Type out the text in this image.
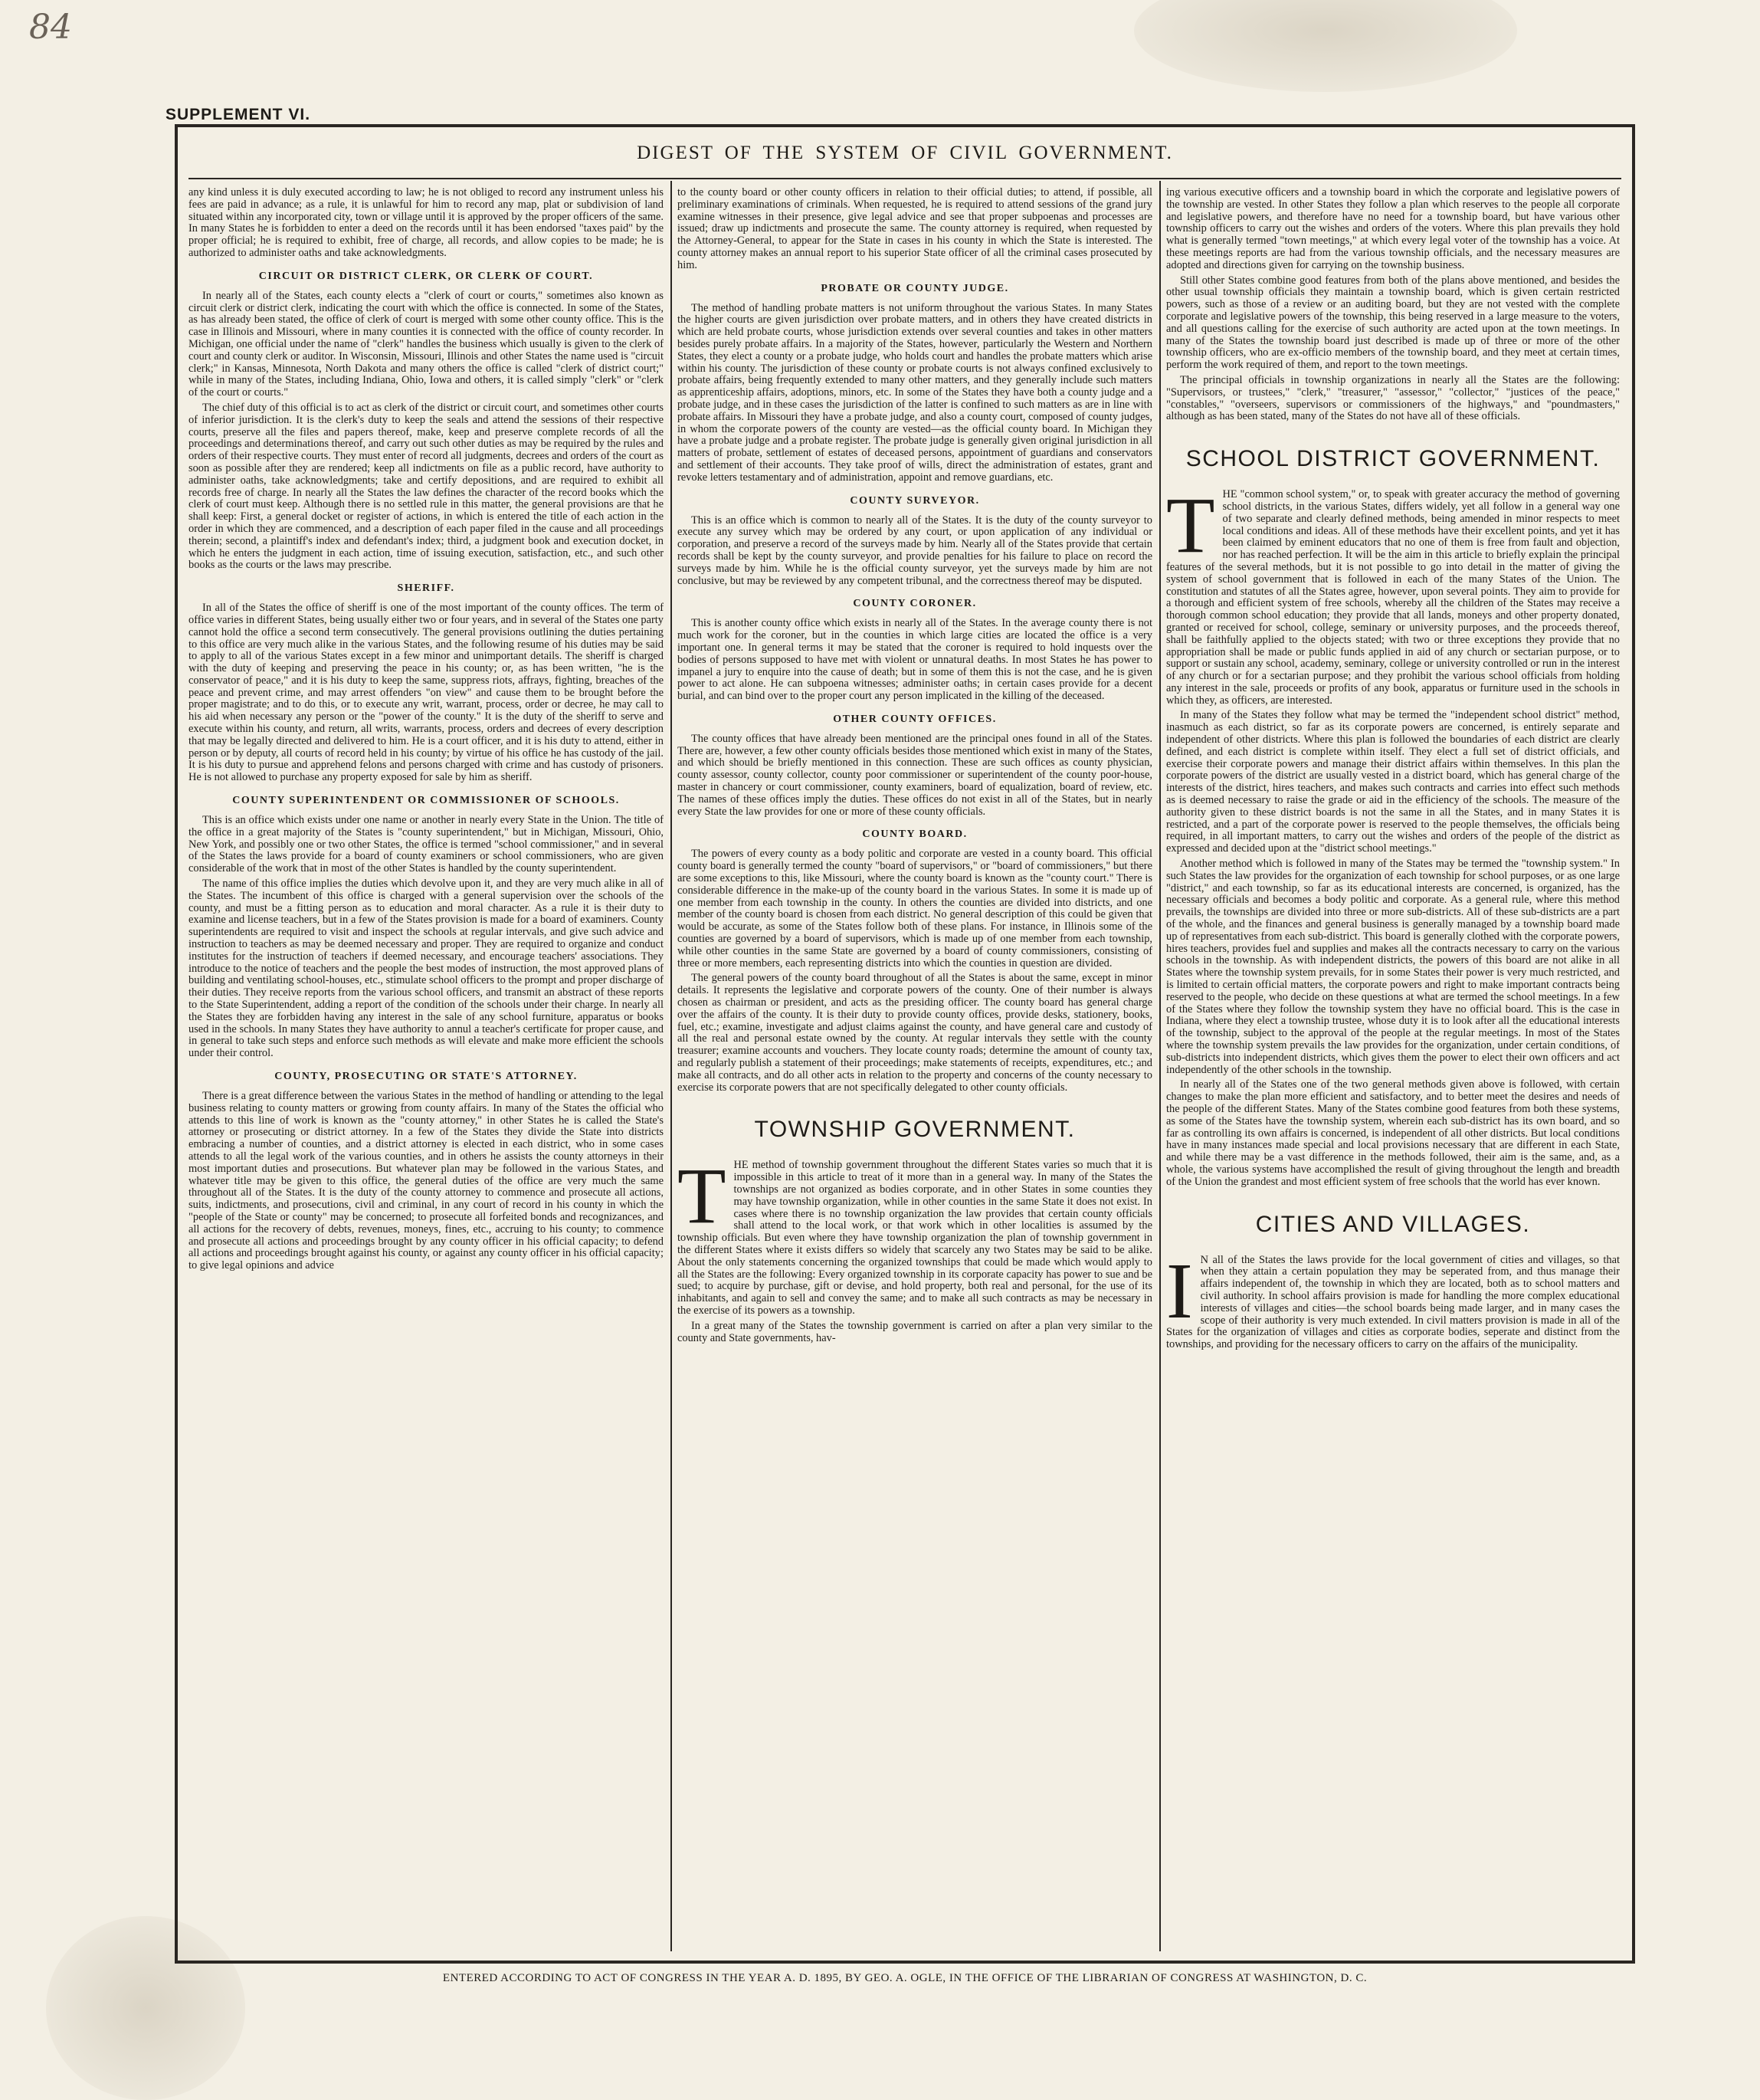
84
SUPPLEMENT VI.
DIGEST OF THE SYSTEM OF CIVIL GOVERNMENT.

any kind unless it is duly executed according to law; he is not obliged to record any instrument unless his fees are paid in advance; as a rule, it is unlawful for him to record any map, plat or subdivision of land situated within any incorporated city, town or village until it is approved by the proper officers of the same. In many States he is forbidden to enter a deed on the records until it has been endorsed "taxes paid" by the proper official; he is required to exhibit, free of charge, all records, and allow copies to be made; he is authorized to administer oaths and take acknowledgments.

CIRCUIT OR DISTRICT CLERK, OR CLERK OF COURT.

In nearly all of the States, each county elects a "clerk of court or courts," sometimes also known as circuit clerk or district clerk, indicating the court with which the office is connected. In some of the States, as has already been stated, the office of clerk of court is merged with some other county office. This is the case in Illinois and Missouri, where in many counties it is connected with the office of county recorder. In Michigan, one official under the name of "clerk" handles the business which usually is given to the clerk of court and county clerk or auditor. In Wisconsin, Missouri, Illinois and other States the name used is "circuit clerk;" in Kansas, Minnesota, North Dakota and many others the office is called "clerk of district court;" while in many of the States, including Indiana, Ohio, Iowa and others, it is called simply "clerk" or "clerk of the court or courts."

The chief duty of this official is to act as clerk of the district or circuit court, and sometimes other courts of inferior jurisdiction. It is the clerk's duty to keep the seals and attend the sessions of their respective courts, preserve all the files and papers thereof, make, keep and preserve complete records of all the proceedings and determinations thereof, and carry out such other duties as may be required by the rules and orders of their respective courts. They must enter of record all judgments, decrees and orders of the court as soon as possible after they are rendered; keep all indictments on file as a public record, have authority to administer oaths, take acknowledgments; take and certify depositions, and are required to exhibit all records free of charge. In nearly all the States the law defines the character of the record books which the clerk of court must keep. Although there is no settled rule in this matter, the general provisions are that he shall keep: First, a general docket or register of actions, in which is entered the title of each action in the order in which they are commenced, and a description of each paper filed in the cause and all proceedings therein; second, a plaintiff's index and defendant's index; third, a judgment book and execution docket, in which he enters the judgment in each action, time of issuing execution, satisfaction, etc., and such other books as the courts or the laws may prescribe.

SHERIFF.

In all of the States the office of sheriff is one of the most important of the county offices. The term of office varies in different States, being usually either two or four years, and in several of the States one party cannot hold the office a second term consecutively. The general provisions outlining the duties pertaining to this office are very much alike in the various States, and the following resume of his duties may be said to apply to all of the various States except in a few minor and unimportant details. The sheriff is charged with the duty of keeping and preserving the peace in his county; or, as has been written, "he is the conservator of peace," and it is his duty to keep the same, suppress riots, affrays, fighting, breaches of the peace and prevent crime, and may arrest offenders "on view" and cause them to be brought before the proper magistrate; and to do this, or to execute any writ, warrant, process, order or decree, he may call to his aid when necessary any person or the "power of the county." It is the duty of the sheriff to serve and execute within his county, and return, all writs, warrants, process, orders and decrees of every description that may be legally directed and delivered to him. He is a court officer, and it is his duty to attend, either in person or by deputy, all courts of record held in his county; by virtue of his office he has custody of the jail. It is his duty to pursue and apprehend felons and persons charged with crime and has custody of prisoners. He is not allowed to purchase any property exposed for sale by him as sheriff.

COUNTY SUPERINTENDENT OR COMMISSIONER OF SCHOOLS.

This is an office which exists under one name or another in nearly every State in the Union. The title of the office in a great majority of the States is "county superintendent," but in Michigan, Missouri, Ohio, New York, and possibly one or two other States, the office is termed "school commissioner," and in several of the States the laws provide for a board of county examiners or school commissioners, who are given considerable of the work that in most of the other States is handled by the county superintendent.

The name of this office implies the duties which devolve upon it, and they are very much alike in all of the States. The incumbent of this office is charged with a general supervision over the schools of the county, and must be a fitting person as to education and moral character. As a rule it is their duty to examine and license teachers, but in a few of the States provision is made for a board of examiners. County superintendents are required to visit and inspect the schools at regular intervals, and give such advice and instruction to teachers as may be deemed necessary and proper. They are required to organize and conduct institutes for the instruction of teachers if deemed necessary, and encourage teachers' associations. They introduce to the notice of teachers and the people the best modes of instruction, the most approved plans of building and ventilating school-houses, etc., stimulate school officers to the prompt and proper discharge of their duties. They receive reports from the various school officers, and transmit an abstract of these reports to the State Superintendent, adding a report of the condition of the schools under their charge. In nearly all the States they are forbidden having any interest in the sale of any school furniture, apparatus or books used in the schools. In many States they have authority to annul a teacher's certificate for proper cause, and in general to take such steps and enforce such methods as will elevate and make more efficient the schools under their control.

COUNTY, PROSECUTING OR STATE'S ATTORNEY.

There is a great difference between the various States in the method of handling or attending to the legal business relating to county matters or growing from county affairs. In many of the States the official who attends to this line of work is known as the "county attorney," in other States he is called the State's attorney or prosecuting or district attorney. In a few of the States they divide the State into districts embracing a number of counties, and a district attorney is elected in each district, who in some cases attends to all the legal work of the various counties, and in others he assists the county attorneys in their most important duties and prosecutions. But whatever plan may be followed in the various States, and whatever title may be given to this office, the general duties of the office are very much the same throughout all of the States. It is the duty of the county attorney to commence and prosecute all actions, suits, indictments, and prosecutions, civil and criminal, in any court of record in his county in which the "people of the State or county" may be concerned; to prosecute all forfeited bonds and recognizances, and all actions for the recovery of debts, revenues, moneys, fines, etc., accruing to his county; to commence and prosecute all actions and proceedings brought by any county officer in his official capacity; to defend all actions and proceedings brought against his county, or against any county officer in his official capacity; to give legal opinions and advice

to the county board or other county officers in relation to their official duties; to attend, if possible, all preliminary examinations of criminals. When requested, he is required to attend sessions of the grand jury examine witnesses in their presence, give legal advice and see that proper subpoenas and processes are issued; draw up indictments and prosecute the same. The county attorney is required, when requested by the Attorney-General, to appear for the State in cases in his county in which the State is interested. The county attorney makes an annual report to his superior State officer of all the criminal cases prosecuted by him.

PROBATE OR COUNTY JUDGE.

The method of handling probate matters is not uniform throughout the various States. In many States the higher courts are given jurisdiction over probate matters, and in others they have created districts in which are held probate courts, whose jurisdiction extends over several counties and takes in other matters besides purely probate affairs. In a majority of the States, however, particularly the Western and Northern States, they elect a county or a probate judge, who holds court and handles the probate matters which arise within his county. The jurisdiction of these county or probate courts is not always confined exclusively to probate affairs, being frequently extended to many other matters, and they generally include such matters as apprenticeship affairs, adoptions, minors, etc. In some of the States they have both a county judge and a probate judge, and in these cases the jurisdiction of the latter is confined to such matters as are in line with probate affairs. In Missouri they have a probate judge, and also a county court, composed of county judges, in whom the corporate powers of the county are vested—as the official county board. In Michigan they have a probate judge and a probate register. The probate judge is generally given original jurisdiction in all matters of probate, settlement of estates of deceased persons, appointment of guardians and conservators and settlement of their accounts. They take proof of wills, direct the administration of estates, grant and revoke letters testamentary and of administration, appoint and remove guardians, etc.

COUNTY SURVEYOR.

This is an office which is common to nearly all of the States. It is the duty of the county surveyor to execute any survey which may be ordered by any court, or upon application of any individual or corporation, and preserve a record of the surveys made by him. Nearly all of the States provide that certain records shall be kept by the county surveyor, and provide penalties for his failure to place on record the surveys made by him. While he is the official county surveyor, yet the surveys made by him are not conclusive, but may be reviewed by any competent tribunal, and the correctness thereof may be disputed.

COUNTY CORONER.

This is another county office which exists in nearly all of the States. In the average county there is not much work for the coroner, but in the counties in which large cities are located the office is a very important one. In general terms it may be stated that the coroner is required to hold inquests over the bodies of persons supposed to have met with violent or unnatural deaths. In most States he has power to impanel a jury to enquire into the cause of death; but in some of them this is not the case, and he is given power to act alone. He can subpoena witnesses; administer oaths; in certain cases provide for a decent burial, and can bind over to the proper court any person implicated in the killing of the deceased.

OTHER COUNTY OFFICES.

The county offices that have already been mentioned are the principal ones found in all of the States. There are, however, a few other county officials besides those mentioned which exist in many of the States, and which should be briefly mentioned in this connection. These are such offices as county physician, county assessor, county collector, county poor commissioner or superintendent of the county poor-house, master in chancery or court commissioner, county examiners, board of equalization, board of review, etc. The names of these offices imply the duties. These offices do not exist in all of the States, but in nearly every State the law provides for one or more of these county officials.

COUNTY BOARD.

The powers of every county as a body politic and corporate are vested in a county board. This official county board is generally termed the county "board of supervisors," or "board of commissioners," but there are some exceptions to this, like Missouri, where the county board is known as the "county court." There is considerable difference in the make-up of the county board in the various States. In some it is made up of one member from each township in the county. In others the counties are divided into districts, and one member of the county board is chosen from each district. No general description of this could be given that would be accurate, as some of the States follow both of these plans. For instance, in Illinois some of the counties are governed by a board of supervisors, which is made up of one member from each township, while other counties in the same State are governed by a board of county commissioners, consisting of three or more members, each representing districts into which the counties in question are divided.

The general powers of the county board throughout of all the States is about the same, except in minor details. It represents the legislative and corporate powers of the county. One of their number is always chosen as chairman or president, and acts as the presiding officer. The county board has general charge over the affairs of the county. It is their duty to provide county offices, provide desks, stationery, books, fuel, etc.; examine, investigate and adjust claims against the county, and have general care and custody of all the real and personal estate owned by the county. At regular intervals they settle with the county treasurer; examine accounts and vouchers. They locate county roads; determine the amount of county tax, and regularly publish a statement of their proceedings; make statements of receipts, expenditures, etc.; and make all contracts, and do all other acts in relation to the property and concerns of the county necessary to exercise its corporate powers that are not specifically delegated to other county officials.

TOWNSHIP GOVERNMENT.

THE method of township government throughout the different States varies so much that it is impossible in this article to treat of it more than in a general way. In many of the States the townships are not organized as bodies corporate, and in other States in some counties they may have township organization, while in other counties in the same State it does not exist. In cases where there is no township organization the law provides that certain county officials shall attend to the local work, or that work which in other localities is assumed by the township officials. But even where they have township organization the plan of township government in the different States where it exists differs so widely that scarcely any two States may be said to be alike. About the only statements concerning the organized townships that could be made which would apply to all the States are the following: Every organized township in its corporate capacity has power to sue and be sued; to acquire by purchase, gift or devise, and hold property, both real and personal, for the use of its inhabitants, and again to sell and convey the same; and to make all such contracts as may be necessary in the exercise of its powers as a township.

In a great many of the States the township government is carried on after a plan very similar to the county and State governments, hav-

ing various executive officers and a township board in which the corporate and legislative powers of the township are vested. In other States they follow a plan which reserves to the people all corporate and legislative powers, and therefore have no need for a township board, but have various other township officers to carry out the wishes and orders of the voters. Where this plan prevails they hold what is generally termed "town meetings," at which every legal voter of the township has a voice. At these meetings reports are had from the various township officials, and the necessary measures are adopted and directions given for carrying on the township business.

Still other States combine good features from both of the plans above mentioned, and besides the other usual township officials they maintain a township board, which is given certain restricted powers, such as those of a review or an auditing board, but they are not vested with the complete corporate and legislative powers of the township, this being reserved in a large measure to the voters, and all questions calling for the exercise of such authority are acted upon at the town meetings. In many of the States the township board just described is made up of three or more of the other township officers, who are ex-officio members of the township board, and they meet at certain times, perform the work required of them, and report to the town meetings.

The principal officials in township organizations in nearly all the States are the following: "Supervisors, or trustees," "clerk," "treasurer," "assessor," "collector," "justices of the peace," "constables," "overseers, supervisors or commissioners of the highways," and "poundmasters," although as has been stated, many of the States do not have all of these officials.

SCHOOL DISTRICT GOVERNMENT.

THE "common school system," or, to speak with greater accuracy the method of governing school districts, in the various States, differs widely, yet all follow in a general way one of two separate and clearly defined methods, being amended in minor respects to meet local conditions and ideas. All of these methods have their excellent points, and yet it has been claimed by eminent educators that no one of them is free from fault and objection, nor has reached perfection. It will be the aim in this article to briefly explain the principal features of the several methods, but it is not possible to go into detail in the matter of giving the system of school government that is followed in each of the many States of the Union. The constitution and statutes of all the States agree, however, upon several points. They aim to provide for a thorough and efficient system of free schools, whereby all the children of the States may receive a thorough common school education; they provide that all lands, moneys and other property donated, granted or received for school, college, seminary or university purposes, and the proceeds thereof, shall be faithfully applied to the objects stated; with two or three exceptions they provide that no appropriation shall be made or public funds applied in aid of any church or sectarian purpose, or to support or sustain any school, academy, seminary, college or university controlled or run in the interest of any church or for a sectarian purpose; and they prohibit the various school officials from holding any interest in the sale, proceeds or profits of any book, apparatus or furniture used in the schools in which they, as officers, are interested.

In many of the States they follow what may be termed the "independent school district" method, inasmuch as each district, so far as its corporate powers are concerned, is entirely separate and independent of other districts. Where this plan is followed the boundaries of each district are clearly defined, and each district is complete within itself. They elect a full set of district officials, and exercise their corporate powers and manage their district affairs within themselves. In this plan the corporate powers of the district are usually vested in a district board, which has general charge of the interests of the district, hires teachers, and makes such contracts and carries into effect such methods as is deemed necessary to raise the grade or aid in the efficiency of the schools. The measure of the authority given to these district boards is not the same in all the States, and in many States it is restricted, and a part of the corporate power is reserved to the people themselves, the officials being required, in all important matters, to carry out the wishes and orders of the people of the district as expressed and decided upon at the "district school meetings."

Another method which is followed in many of the States may be termed the "township system." In such States the law provides for the organization of each township for school purposes, or as one large "district," and each township, so far as its educational interests are concerned, is organized, has the necessary officials and becomes a body politic and corporate. As a general rule, where this method prevails, the townships are divided into three or more sub-districts. All of these sub-districts are a part of the whole, and the finances and general business is generally managed by a township board made up of representatives from each sub-district. This board is generally clothed with the corporate powers, hires teachers, provides fuel and supplies and makes all the contracts necessary to carry on the various schools in the township. As with independent districts, the powers of this board are not alike in all States where the township system prevails, for in some States their power is very much restricted, and is limited to certain official matters, the corporate powers and right to make important contracts being reserved to the people, who decide on these questions at what are termed the school meetings. In a few of the States where they follow the township system they have no official board. This is the case in Indiana, where they elect a township trustee, whose duty it is to look after all the educational interests of the township, subject to the approval of the people at the regular meetings. In most of the States where the township system prevails the law provides for the organization, under certain conditions, of sub-districts into independent districts, which gives them the power to elect their own officers and act independently of the other schools in the township.

In nearly all of the States one of the two general methods given above is followed, with certain changes to make the plan more efficient and satisfactory, and to better meet the desires and needs of the people of the different States. Many of the States combine good features from both these systems, as some of the States have the township system, wherein each sub-district has its own board, and so far as controlling its own affairs is concerned, is independent of all other districts. But local conditions have in many instances made special and local provisions necessary that are different in each State, and while there may be a vast difference in the methods followed, their aim is the same, and, as a whole, the various systems have accomplished the result of giving throughout the length and breadth of the Union the grandest and most efficient system of free schools that the world has ever known.

CITIES AND VILLAGES.

I N all of the States the laws provide for the local government of cities and villages, so that when they attain a certain population they may be seperated from, and thus manage their affairs independent of, the township in which they are located, both as to school matters and civil authority. In school affairs provision is made for handling the more complex educational interests of villages and cities—the school boards being made larger, and in many cases the scope of their authority is very much extended. In civil matters provision is made in all of the States for the organization of villages and cities as corporate bodies, seperate and distinct from the townships, and providing for the necessary officers to carry on the affairs of the municipality.

ENTERED ACCORDING TO ACT OF CONGRESS IN THE YEAR A. D. 1895, BY GEO. A. OGLE, IN THE OFFICE OF THE LIBRARIAN OF CONGRESS AT WASHINGTON, D. C.
